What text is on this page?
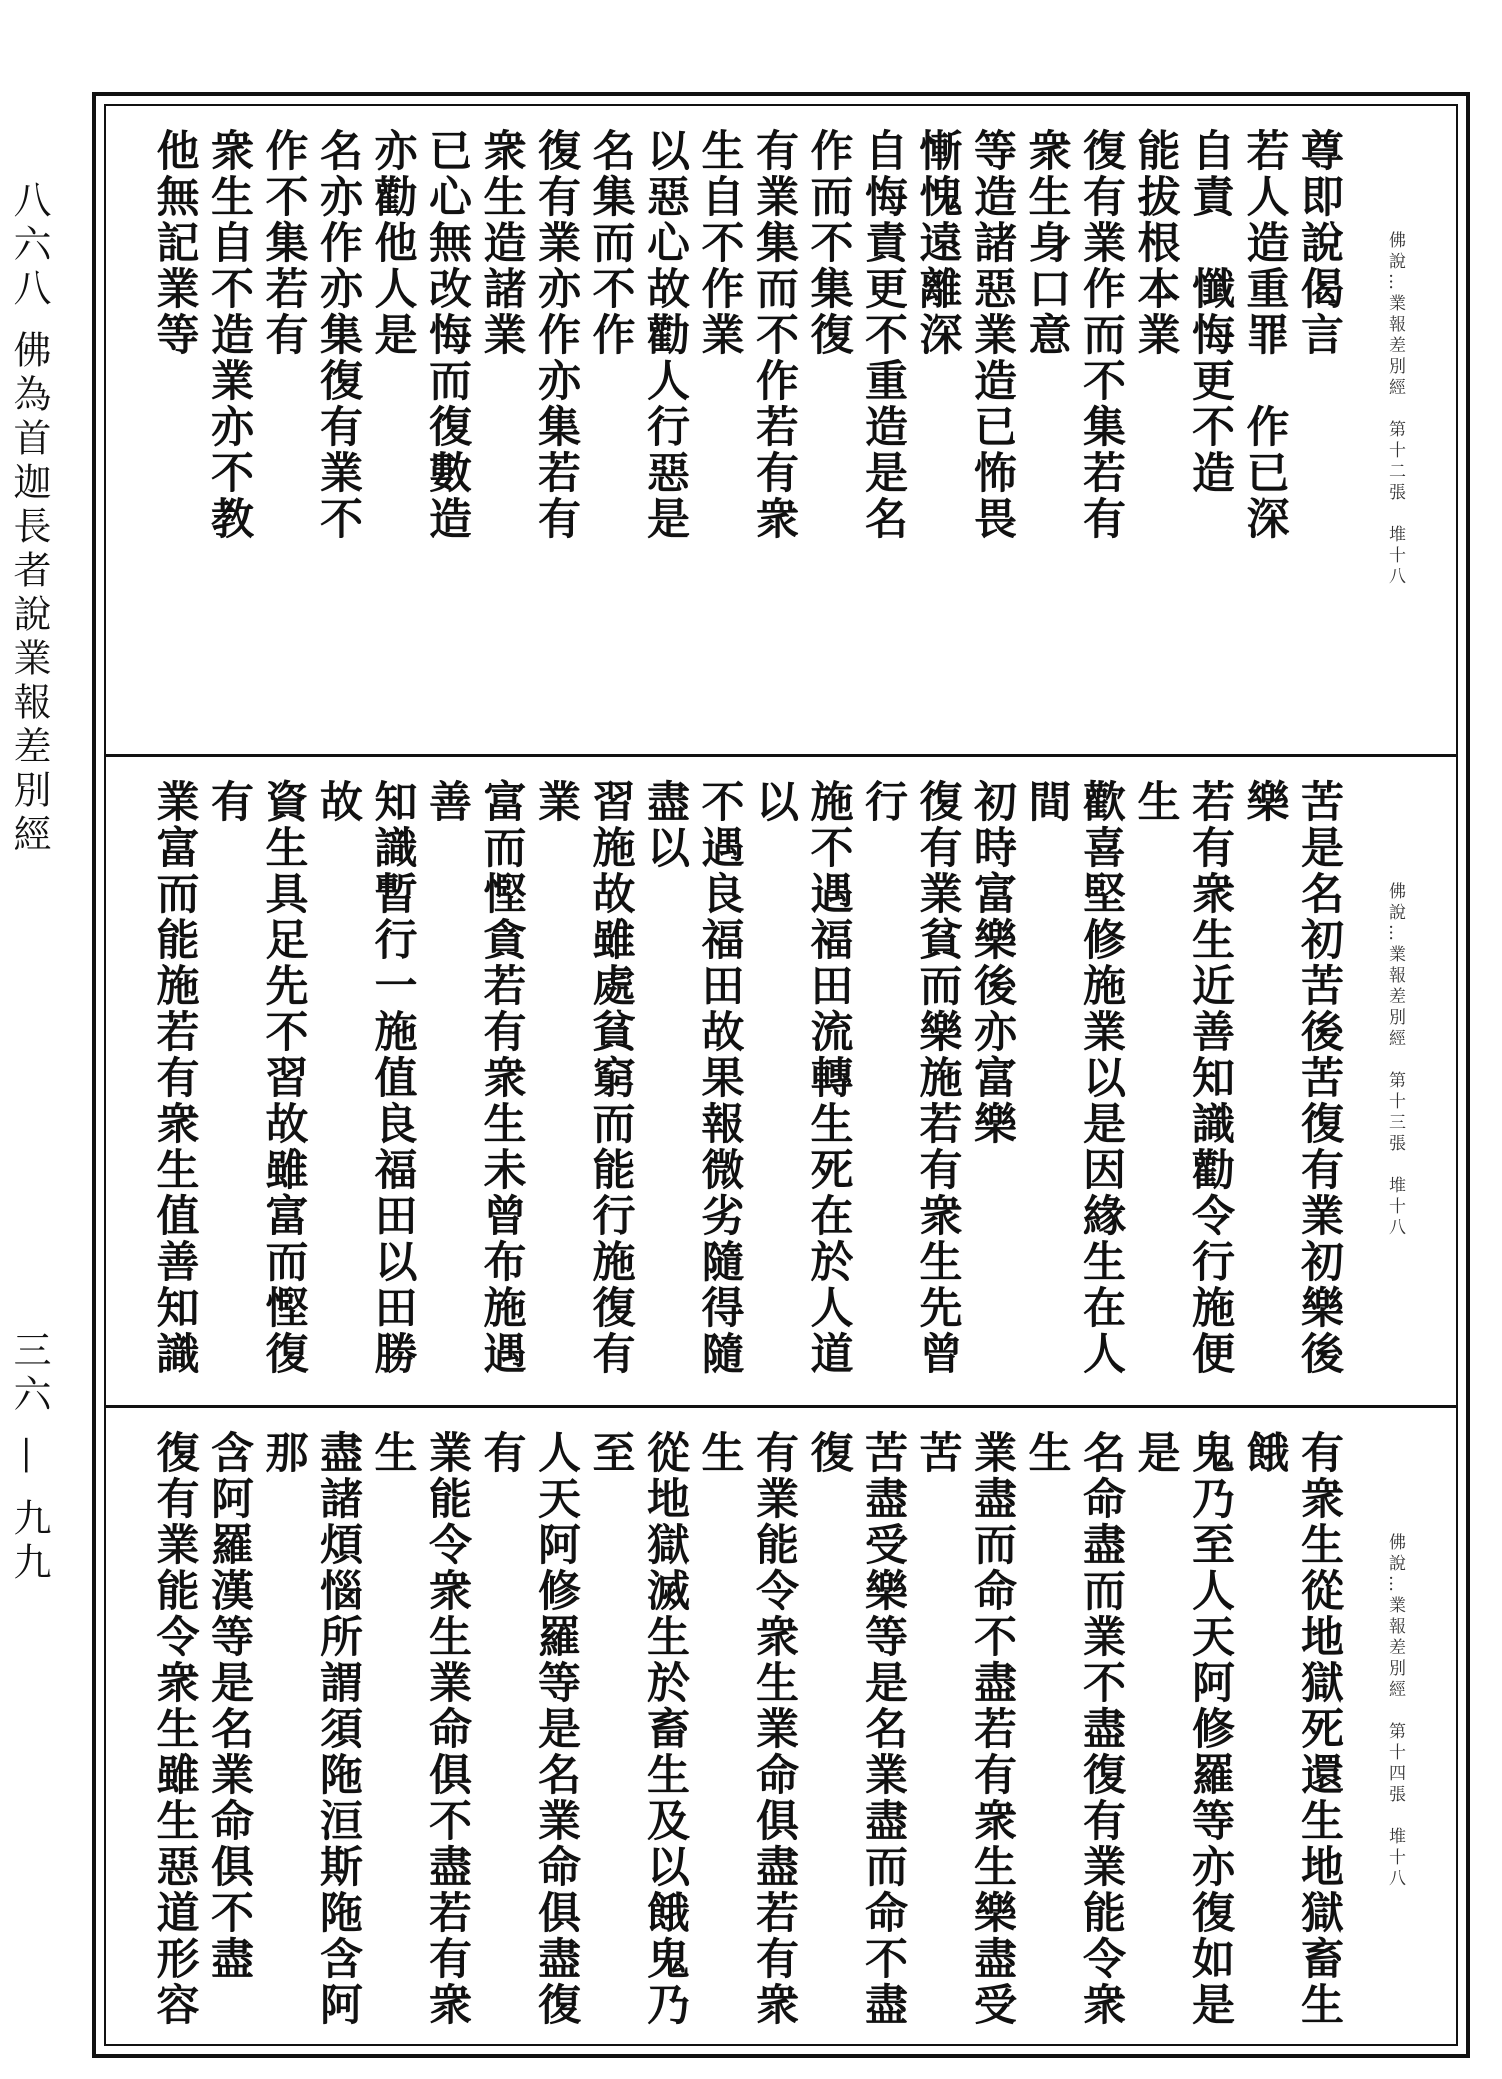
八六八
佛為首迦長者說業報差別經
三六 — 九九
佛說…業報差別經　第十二張　堆十八
尊即說偈言
若人造重罪　作已深自責　懺悔更不造
能拔根本業
復有業作而不集若有衆生身口意
等造諸惡業造已怖畏慚愧遠離深
自悔責更不重造是名作而不集復
有業集而不作若有衆生自不作業
以惡心故勸人行惡是名集而不作
復有業亦作亦集若有衆生造諸業
已心無改悔而復數造亦勸他人是
名亦作亦集復有業不作不集若有
衆生自不造業亦不教他無記業等
佛說…業報差別經　第十三張　堆十八
苦是名初苦後苦復有業初樂後樂
若有衆生近善知識勸令行施便生
歡喜堅修施業以是因緣生在人間
初時富樂後亦富樂
復有業貧而樂施若有衆生先曾行
施不遇福田流轉生死在於人道以
不遇良福田故果報微劣隨得隨盡以
習施故雖處貧窮而能行施復有業
富而慳貪若有衆生未曾布施遇善
知識暫行一施值良福田以田勝故
資生具足先不習故雖富而慳復有
業富而能施若有衆生值善知識
佛說…業報差別經　第十四張　堆十八
有衆生從地獄死還生地獄畜生餓
鬼乃至人天阿修羅等亦復如是是
名命盡而業不盡復有業能令衆生
業盡而命不盡若有衆生樂盡受苦
苦盡受樂等是名業盡而命不盡復
有業能令衆生業命俱盡若有衆生
從地獄滅生於畜生及以餓鬼乃至
人天阿修羅等是名業命俱盡復有
業能令衆生業命俱不盡若有衆生
盡諸煩惱所謂須陁洹斯陁含阿那
含阿羅漢等是名業命俱不盡
復有業能令衆生雖生惡道形容
